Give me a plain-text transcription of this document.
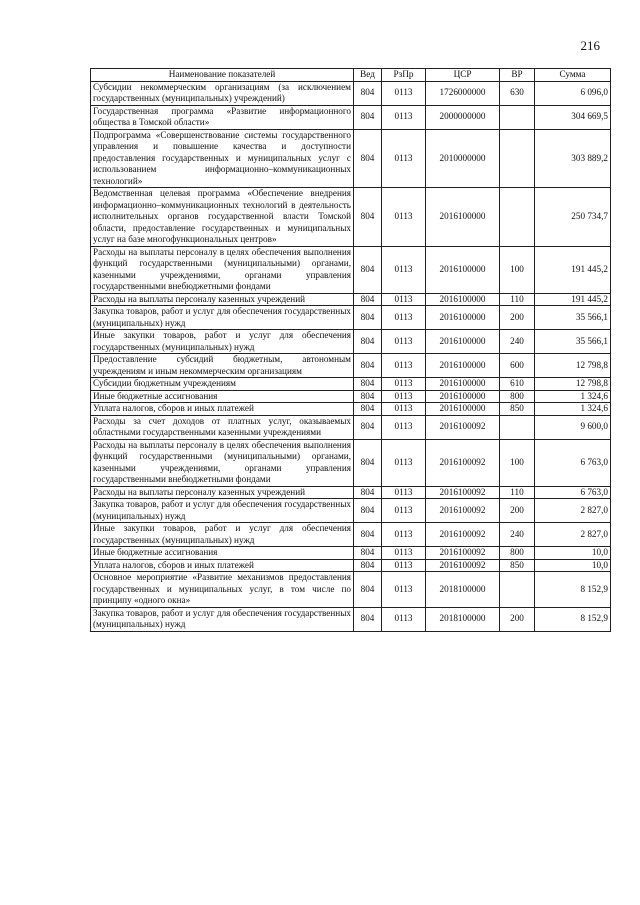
216
Наименование показателей	Вед	РзПр	ЦСР	ВР	Сумма
Субсидии некоммерческим организациям (за исключением государственных (муниципальных) учреждений)	804	0113	1726000000	630	6 096,0
Государственная программа «Развитие информационного общества в Томской области»	804	0113	2000000000		304 669,5
Подпрограмма «Совершенствование системы государственного управления и повышение качества и доступности предоставления государственных и муниципальных услуг с использованием информационно–коммуникационных технологий»	804	0113	2010000000		303 889,2
Ведомственная целевая программа «Обеспечение внедрения информационно–коммуникационных технологий в деятельность исполнительных органов государственной власти Томской области, предоставление государственных и муниципальных услуг на базе многофункциональных центров»	804	0113	2016100000		250 734,7
Расходы на выплаты персоналу в целях обеспечения выполнения функций государственными (муниципальными) органами, казенными учреждениями, органами управления государственными внебюджетными фондами	804	0113	2016100000	100	191 445,2
Расходы на выплаты персоналу казенных учреждений	804	0113	2016100000	110	191 445,2
Закупка товаров, работ и услуг для обеспечения государственных (муниципальных) нужд	804	0113	2016100000	200	35 566,1
Иные закупки товаров, работ и услуг для обеспечения государственных (муниципальных) нужд	804	0113	2016100000	240	35 566,1
Предоставление субсидий бюджетным, автономным учреждениям и иным некоммерческим организациям	804	0113	2016100000	600	12 798,8
Субсидии бюджетным учреждениям	804	0113	2016100000	610	12 798,8
Иные бюджетные ассигнования	804	0113	2016100000	800	1 324,6
Уплата налогов, сборов и иных платежей	804	0113	2016100000	850	1 324,6
Расходы за счет доходов от платных услуг, оказываемых областными государственными казенными учреждениями	804	0113	2016100092		9 600,0
Расходы на выплаты персоналу в целях обеспечения выполнения функций государственными (муниципальными) органами, казенными учреждениями, органами управления государственными внебюджетными фондами	804	0113	2016100092	100	6 763,0
Расходы на выплаты персоналу казенных учреждений	804	0113	2016100092	110	6 763,0
Закупка товаров, работ и услуг для обеспечения государственных (муниципальных) нужд	804	0113	2016100092	200	2 827,0
Иные закупки товаров, работ и услуг для обеспечения государственных (муниципальных) нужд	804	0113	2016100092	240	2 827,0
Иные бюджетные ассигнования	804	0113	2016100092	800	10,0
Уплата налогов, сборов и иных платежей	804	0113	2016100092	850	10,0
Основное мероприятие «Развитие механизмов предоставления государственных и муниципальных услуг, в том числе по принципу «одного окна»	804	0113	2018100000		8 152,9
Закупка товаров, работ и услуг для обеспечения государственных (муниципальных) нужд	804	0113	2018100000	200	8 152,9
